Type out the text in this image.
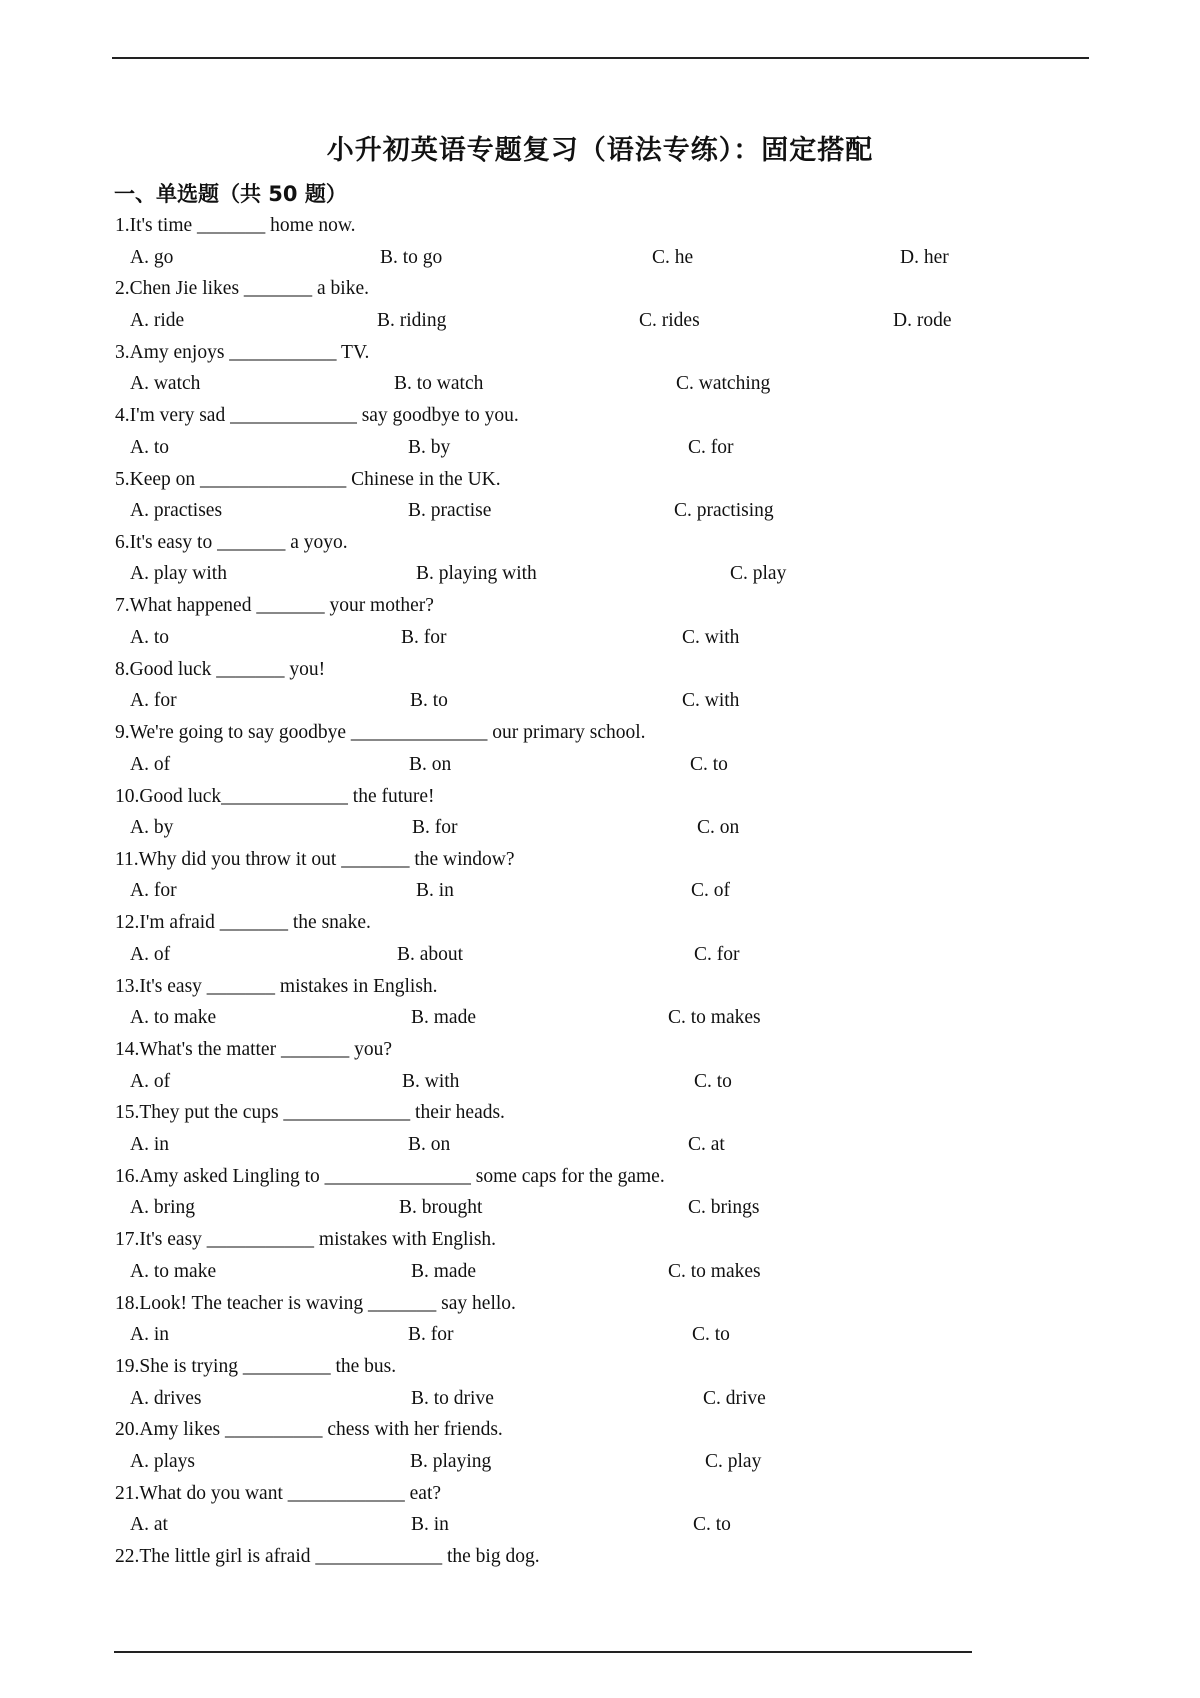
小升初英语专题复习（语法专练）：固定搭配
一、单选题（共 50 题）
1.It's time _______ home now.
A. go	B. to go	C. he	D. her
2.Chen Jie likes _______ a bike.
A. ride	B. riding	C. rides	D. rode
3.Amy enjoys ___________ TV.
A. watch	B. to watch	C. watching
4.I'm very sad _____________ say goodbye to you.
A. to	B. by	C. for
5.Keep on _______________ Chinese in the UK.
A. practises	B. practise	C. practising
6.It's easy to _______ a yoyo.
A. play with	B. playing with	C. play
7.What happened _______ your mother?
A. to	B. for	C. with
8.Good luck _______ you!
A. for	B. to	C. with
9.We're going to say goodbye ______________ our primary school.
A. of	B. on	C. to
10.Good luck_____________ the future!
A. by	B. for	C. on
11.Why did you throw it out _______ the window?
A. for	B. in	C. of
12.I'm afraid _______ the snake.
A. of	B. about	C. for
13.It's easy _______ mistakes in English.
A. to make	B. made	C. to makes
14.What's the matter _______ you?
A. of	B. with	C. to
15.They put the cups _____________ their heads.
A. in	B. on	C. at
16.Amy asked Lingling to _______________ some caps for the game.
A. bring	B. brought	C. brings
17.It's easy ___________ mistakes with English.
A. to make	B. made	C. to makes
18.Look! The teacher is waving _______ say hello.
A. in	B. for	C. to
19.She is trying _________ the bus.
A. drives	B. to drive	C. drive
20.Amy likes __________ chess with her friends.
A. plays	B. playing	C. play
21.What do you want ____________ eat?
A. at	B. in	C. to
22.The little girl is afraid _____________ the big dog.
